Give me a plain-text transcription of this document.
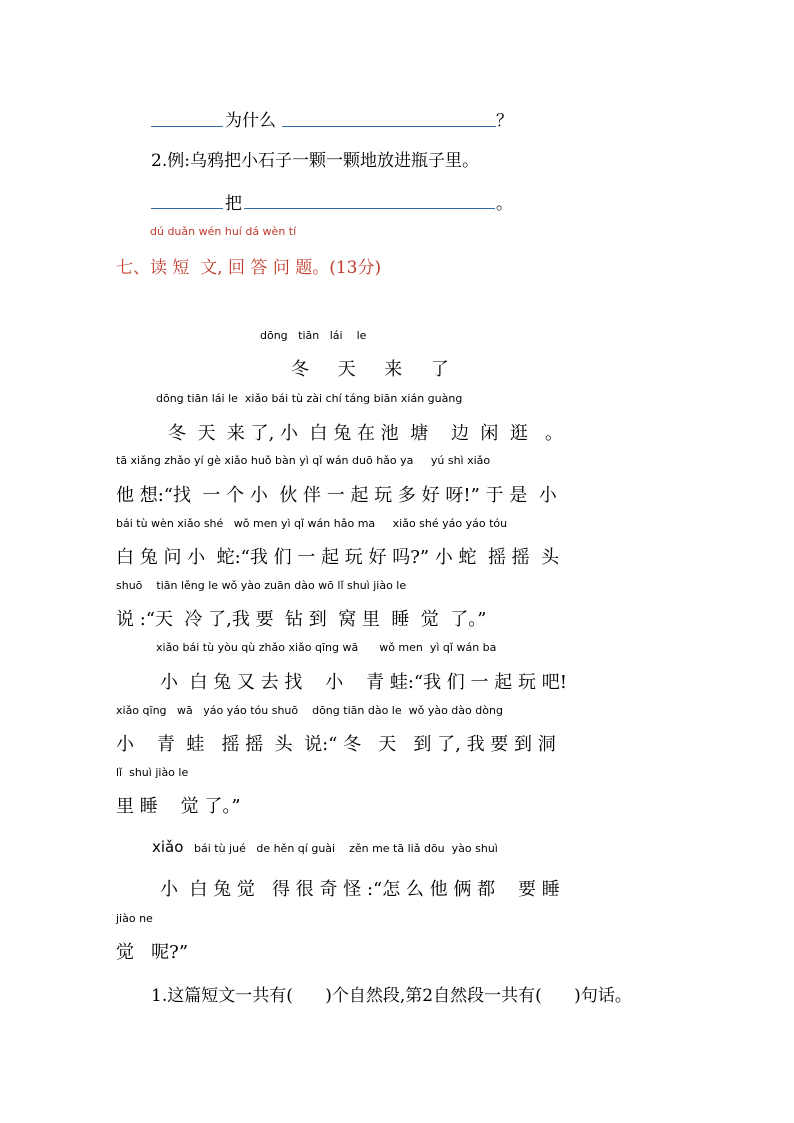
为什么	？
2.例:乌鸦把小石子一颗一颗地放进瓶子里。
把	。
dú duǎn wén huí dá wèn tí
七、读 短  文, 回 答 问 题。(13分)
dōng   tiān   lái    le
冬     天     来     了
dōng tiān lái le  xiǎo bái tù zài chí táng biān xián guàng
冬  天  来 了, 小  白 兔 在 池  塘    边  闲  逛   。
tā xiǎng zhǎo yí gè xiǎo huǒ bàn yì qǐ wán duō hǎo ya     yú shì xiǎo
他 想:“找  一 个 小  伙 伴 一 起 玩 多 好 呀!” 于 是  小
bái tù wèn xiǎo shé   wǒ men yì qǐ wán hǎo ma     xiǎo shé yáo yáo tóu
白 兔 问 小  蛇:“我 们 一 起 玩 好 吗?” 小 蛇  摇 摇  头
shuō    tiān lěng le wǒ yào zuān dào wō lǐ shuì jiào le
说 :“天  冷 了,我 要  钻 到  窝 里  睡  觉  了。”
xiǎo bái tù yòu qù zhǎo xiǎo qīng wā      wǒ men  yì qǐ wán ba
小  白 兔 又 去 找    小    青 蛙:“我 们 一 起 玩 吧!
xiǎo qīng   wā   yáo yáo tóu shuō    dōng tiān dào le  wǒ yào dào dòng
小    青  蛙   摇 摇  头  说:“ 冬   天   到 了, 我 要 到 洞
lǐ  shuì jiào le
里 睡    觉 了。”
xiǎo bái tù jué   de hěn qí guài    zěn me tā liǎ dōu  yào shuì
小  白 兔 觉   得 很 奇 怪 :“怎 么 他 俩 都    要 睡
jiào ne
觉   呢?”
1.这篇短文一共有(      )个自然段,第2自然段一共有(      )句话。
